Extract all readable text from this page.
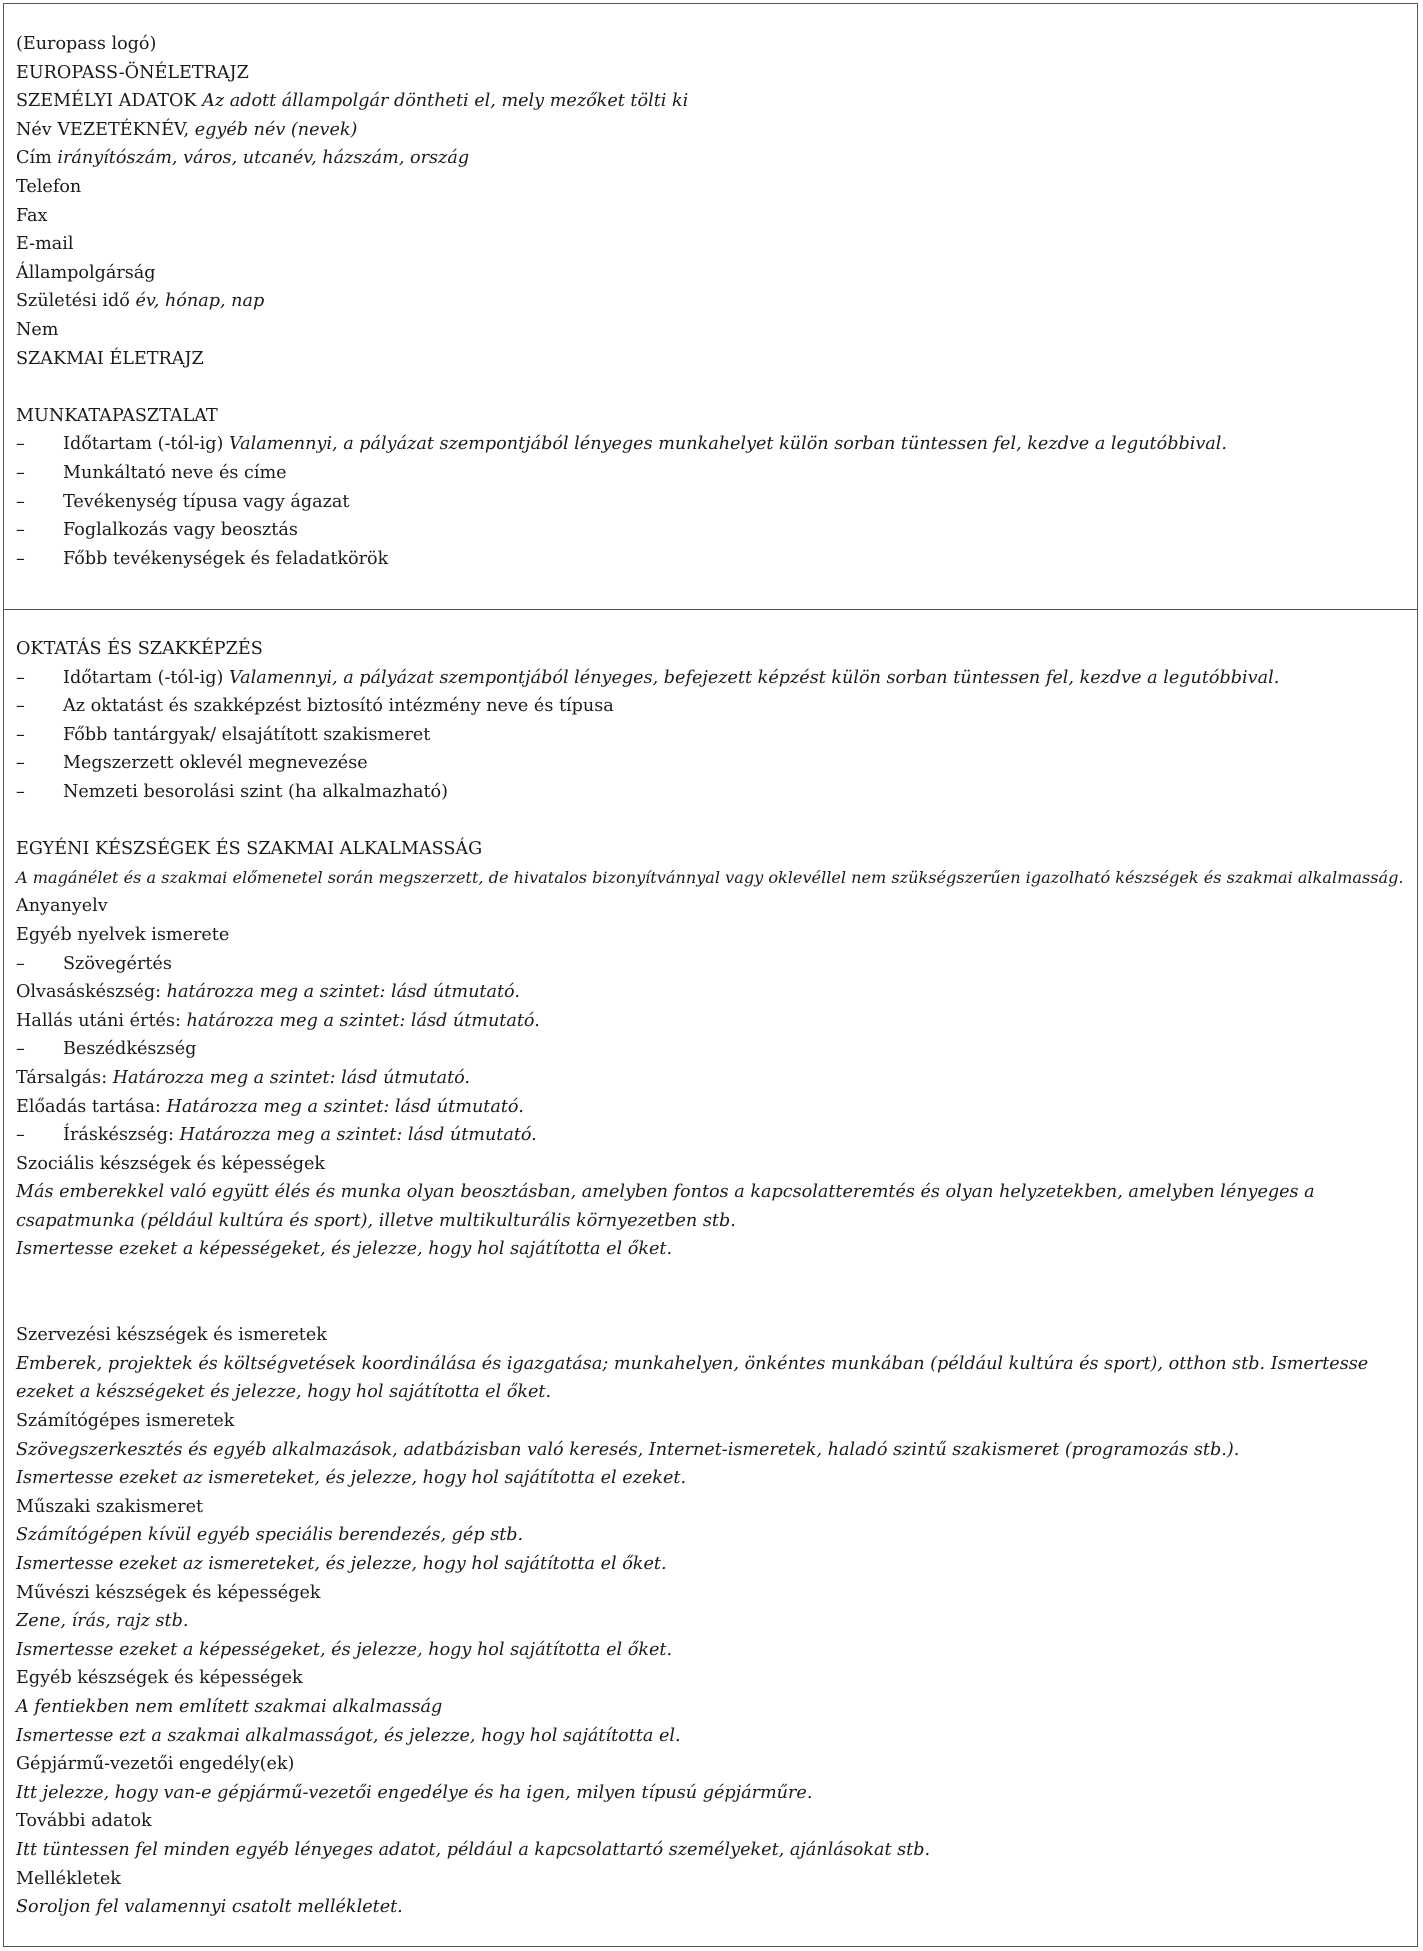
(Europass logó)
EUROPASS-ÖNÉLETRAJZ
SZEMÉLYI ADATOK Az adott állampolgár döntheti el, mely mezőket tölti ki
Név VEZETÉKNÉV, egyéb név (nevek)
Cím irányítószám, város, utcanév, házszám, ország
Telefon
Fax
E-mail
Állampolgárság
Születési idő év, hónap, nap
Nem
SZAKMAI ÉLETRAJZ
MUNKATAPASZTALAT
– Időtartam (-tól-ig) Valamennyi, a pályázat szempontjából lényeges munkahelyet külön sorban tüntessen fel, kezdve a legutóbbival.
– Munkáltató neve és címe
– Tevékenység típusa vagy ágazat
– Foglalkozás vagy beosztás
– Főbb tevékenységek és feladatkörök
OKTATÁS ÉS SZAKKÉPZÉS
– Időtartam (-tól-ig) Valamennyi, a pályázat szempontjából lényeges, befejezett képzést külön sorban tüntessen fel, kezdve a legutóbbival.
– Az oktatást és szakképzést biztosító intézmény neve és típusa
– Főbb tantárgyak/ elsajátított szakismeret
– Megszerzett oklevél megnevezése
– Nemzeti besorolási szint (ha alkalmazható)
EGYÉNI KÉSZSÉGEK ÉS SZAKMAI ALKALMASSÁG
A magánélet és a szakmai előmenetel során megszerzett, de hivatalos bizonyítvánnyal vagy oklevéllel nem szükségszerűen igazolható készségek és szakmai alkalmasság.
Anyanyelv
Egyéb nyelvek ismerete
– Szövegértés
Olvasáskészség: határozza meg a szintet: lásd útmutató.
Hallás utáni értés: határozza meg a szintet: lásd útmutató.
– Beszédkészség
Társalgás: Határozza meg a szintet: lásd útmutató.
Előadás tartása: Határozza meg a szintet: lásd útmutató.
– Íráskészség: Határozza meg a szintet: lásd útmutató.
Szociális készségek és képességek
Más emberekkel való együtt élés és munka olyan beosztásban, amelyben fontos a kapcsolatteremtés és olyan helyzetekben, amelyben lényeges a csapatmunka (például kultúra és sport), illetve multikulturális környezetben stb.
Ismertesse ezeket a képességeket, és jelezze, hogy hol sajátította el őket.
Szervezési készségek és ismeretek
Emberek, projektek és költségvetések koordinálása és igazgatása; munkahelyen, önkéntes munkában (például kultúra és sport), otthon stb. Ismertesse ezeket a készségeket és jelezze, hogy hol sajátította el őket.
Számítógépes ismeretek
Szövegszerkesztés és egyéb alkalmazások, adatbázisban való keresés, Internet-ismeretek, haladó szintű szakismeret (programozás stb.).
Ismertesse ezeket az ismereteket, és jelezze, hogy hol sajátította el ezeket.
Műszaki szakismeret
Számítógépen kívül egyéb speciális berendezés, gép stb.
Ismertesse ezeket az ismereteket, és jelezze, hogy hol sajátította el őket.
Művészi készségek és képességek
Zene, írás, rajz stb.
Ismertesse ezeket a képességeket, és jelezze, hogy hol sajátította el őket.
Egyéb készségek és képességek
A fentiekben nem említett szakmai alkalmasság
Ismertesse ezt a szakmai alkalmasságot, és jelezze, hogy hol sajátította el.
Gépjármű-vezetői engedély(ek)
Itt jelezze, hogy van-e gépjármű-vezetői engedélye és ha igen, milyen típusú gépjárműre.
További adatok
Itt tüntessen fel minden egyéb lényeges adatot, például a kapcsolattartó személyeket, ajánlásokat stb.
Mellékletek
Soroljon fel valamennyi csatolt mellékletet.
